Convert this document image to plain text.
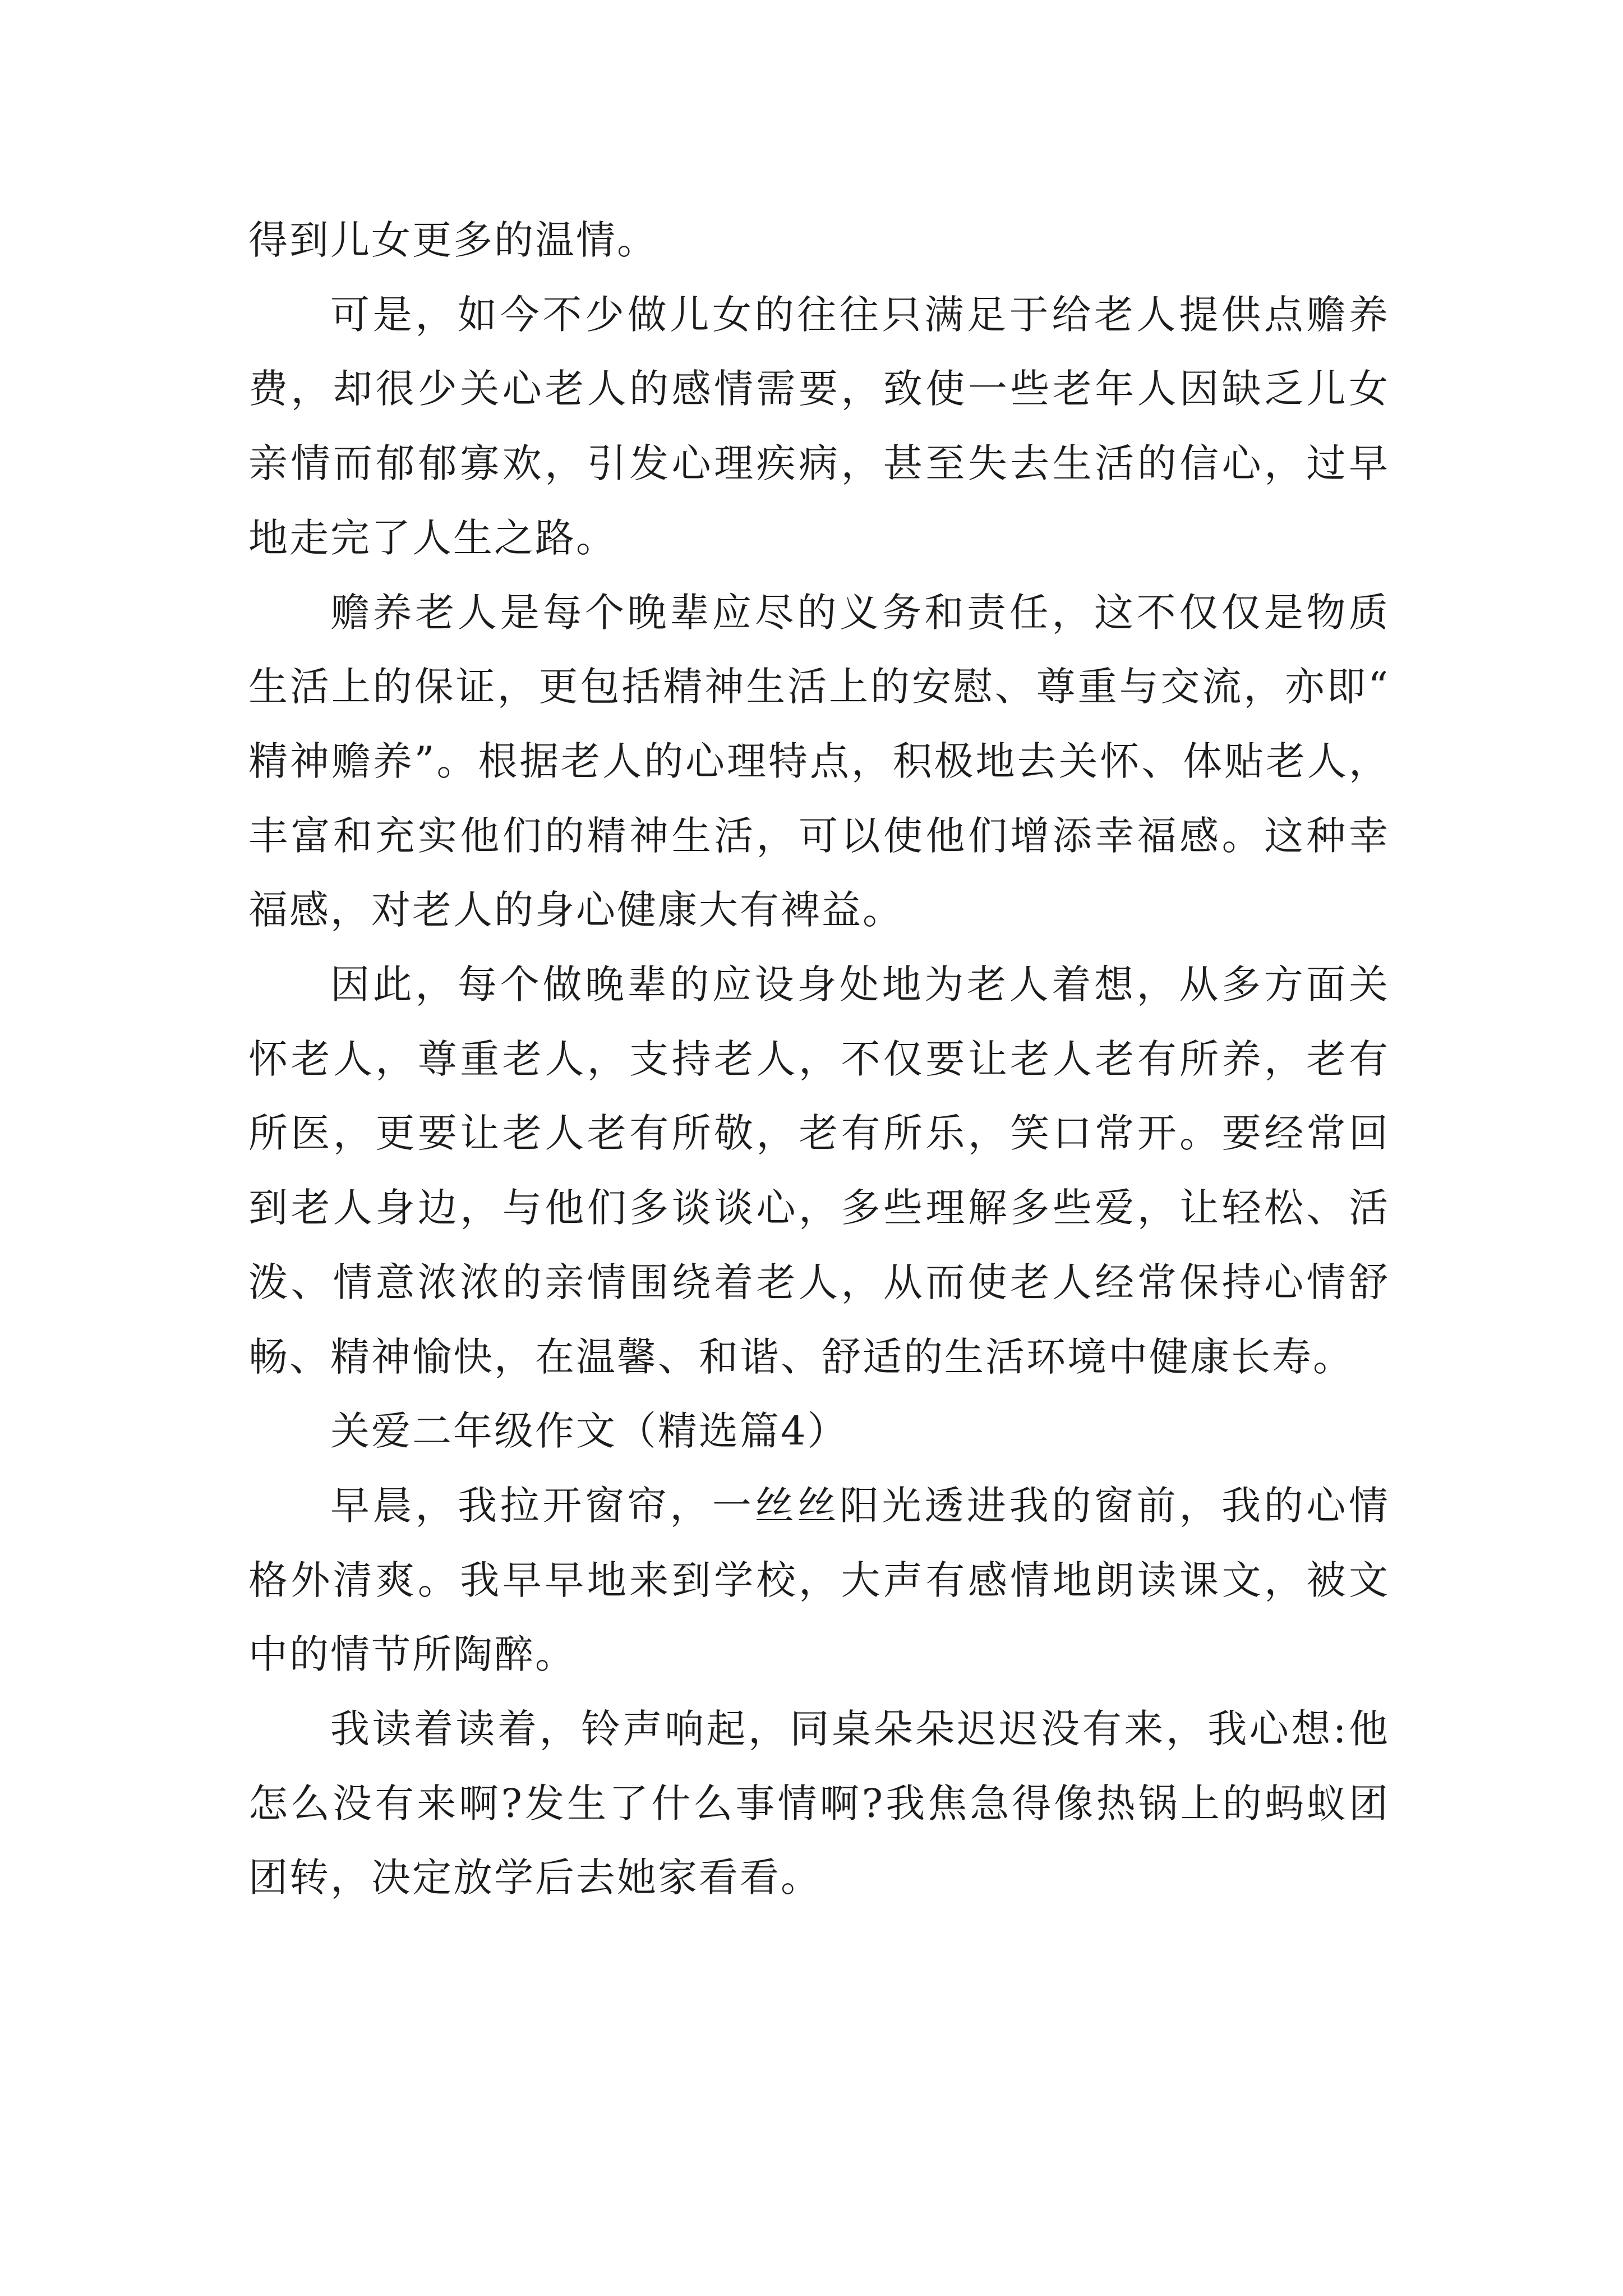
得到儿女更多的温情。

可是，如今不少做儿女的往往只满足于给老人提供点赡养费，却很少关心老人的感情需要，致使一些老年人因缺乏儿女亲情而郁郁寡欢，引发心理疾病，甚至失去生活的信心，过早地走完了人生之路。

赡养老人是每个晚辈应尽的义务和责任，这不仅仅是物质生活上的保证，更包括精神生活上的安慰、尊重与交流，亦即“精神赡养”。根据老人的心理特点，积极地去关怀、体贴老人，丰富和充实他们的精神生活，可以使他们增添幸福感。这种幸福感，对老人的身心健康大有裨益。

因此，每个做晚辈的应设身处地为老人着想，从多方面关怀老人，尊重老人，支持老人，不仅要让老人老有所养，老有所医，更要让老人老有所敬，老有所乐，笑口常开。要经常回到老人身边，与他们多谈谈心，多些理解多些爱，让轻松、活泼、情意浓浓的亲情围绕着老人，从而使老人经常保持心情舒畅、精神愉快，在温馨、和谐、舒适的生活环境中健康长寿。

关爱二年级作文（精选篇4）

早晨，我拉开窗帘，一丝丝阳光透进我的窗前，我的心情格外清爽。我早早地来到学校，大声有感情地朗读课文，被文中的情节所陶醉。

我读着读着，铃声响起，同桌朵朵迟迟没有来，我心想:他怎么没有来啊?发生了什么事情啊?我焦急得像热锅上的蚂蚁团团转，决定放学后去她家看看。
